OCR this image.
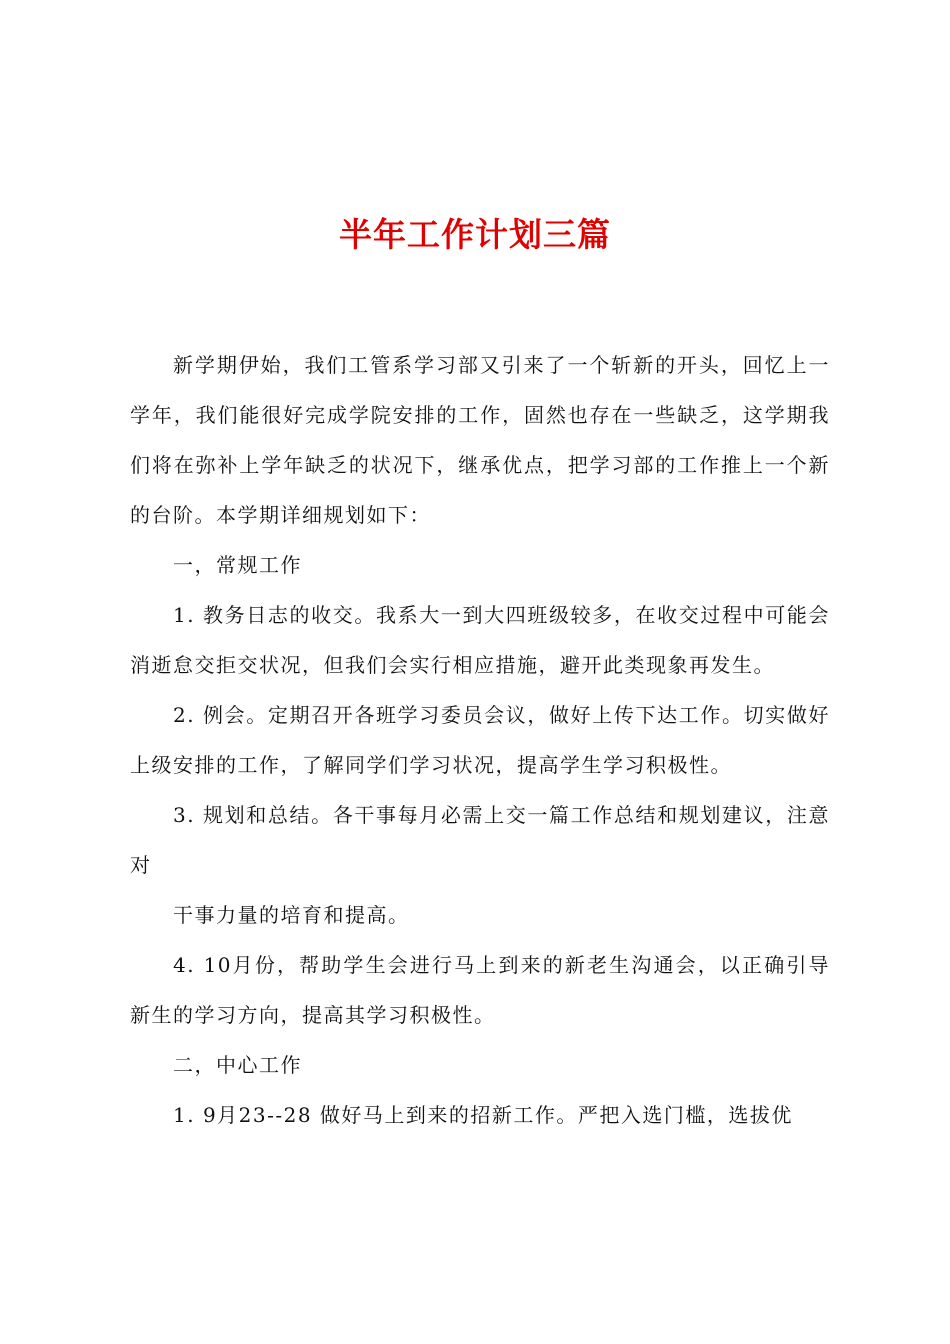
半年工作计划三篇

新学期伊始，我们工管系学习部又引来了一个斩新的开头，回忆上一学年，我们能很好完成学院安排的工作，固然也存在一些缺乏，这学期我们将在弥补上学年缺乏的状况下，继承优点，把学习部的工作推上一个新的台阶。本学期详细规划如下：

一，常规工作

1. 教务日志的收交。我系大一到大四班级较多，在收交过程中可能会消逝怠交拒交状况，但我们会实行相应措施，避开此类现象再发生。

2. 例会。定期召开各班学习委员会议，做好上传下达工作。切实做好上级安排的工作，了解同学们学习状况，提高学生学习积极性。

3. 规划和总结。各干事每月必需上交一篇工作总结和规划建议，注意对

干事力量的培育和提高。

4. 10月份，帮助学生会进行马上到来的新老生沟通会，以正确引导新生的学习方向，提高其学习积极性。

二，中心工作

1. 9月23--28 做好马上到来的招新工作。严把入选门槛，选拔优
